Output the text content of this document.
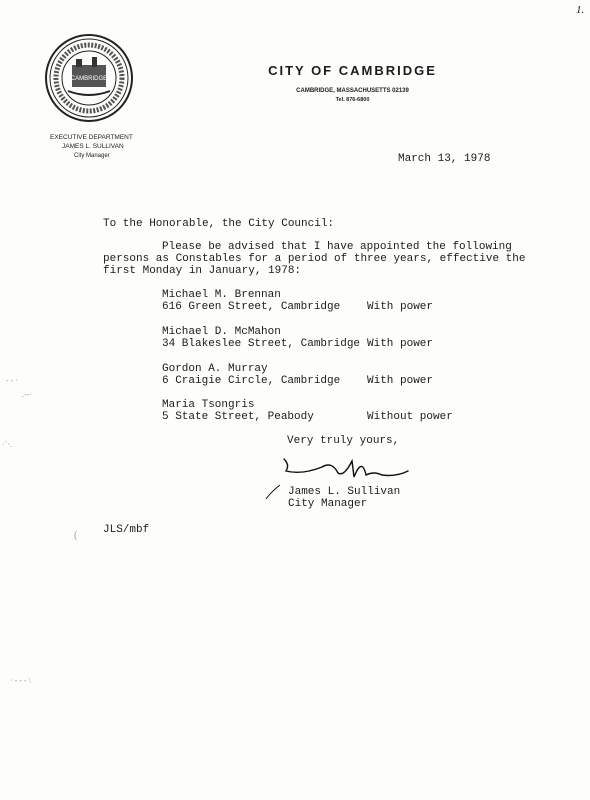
1.
CAMBRIDGE
CITY OF CAMBRIDGE
CAMBRIDGE, MASSACHUSETTS 02139
Tel. 876-6800
EXECUTIVE DEPARTMENT
JAMES L. SULLIVAN
City Manager	March 13, 1978
To the Honorable, the City Council:
Please be advised that I have appointed the following
persons as Constables for a period of three years, effective the
first Monday in January, 1978:
Michael M. Brennan
616 Green Street, Cambridge With power
Michael D. McMahon
34 Blakeslee Street, Cambridge With power
Gordon A. Murray
6 Craigie Circle, Cambridge With power
Maria Tsongris
5 State Street, Peabody	Without power
Very truly yours,
James L. Sullivan
City Manager
JLS/mbf
- - ·
.--·
·`·.
(
· - - - \
